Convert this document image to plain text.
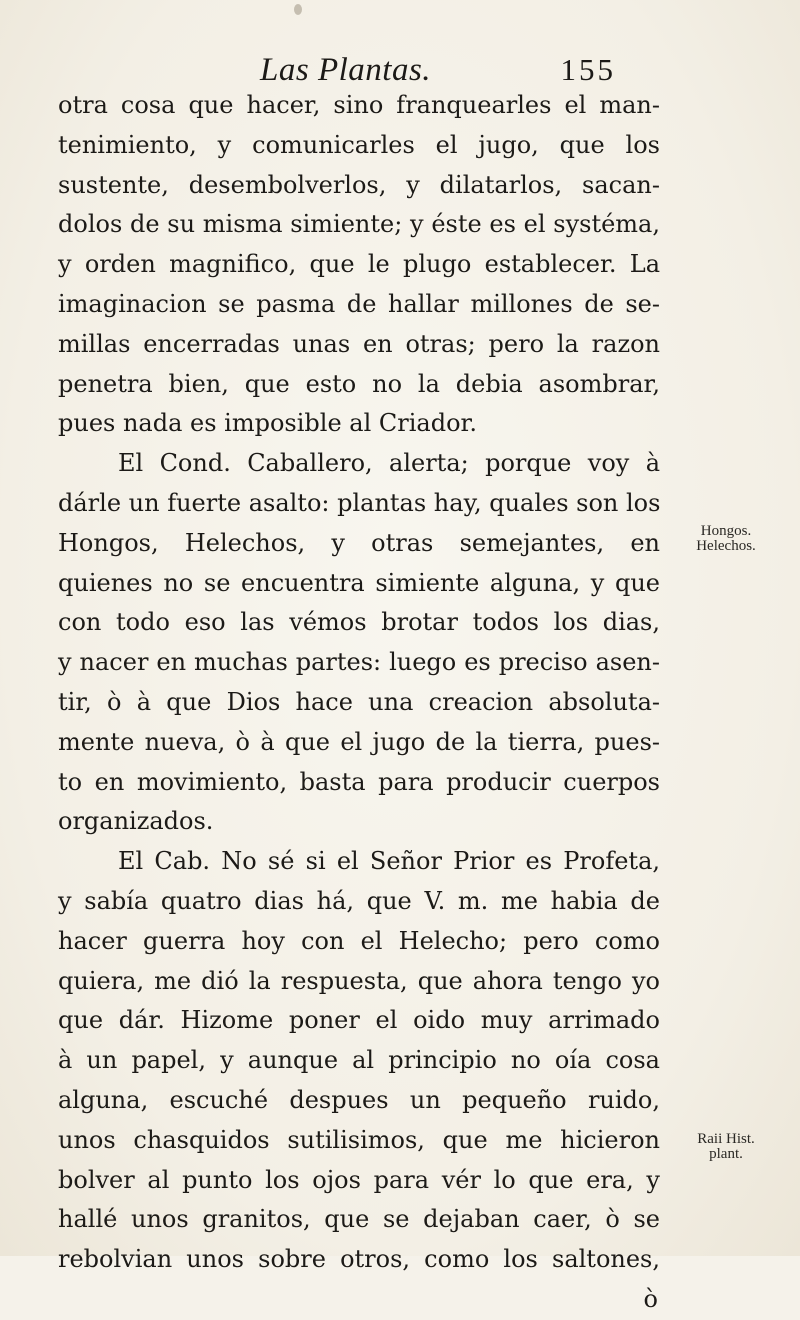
Las Plantas.	155
otra cosa que hacer, sino franquearles el man-
tenimiento, y comunicarles el jugo, que los
sustente, desembolverlos, y dilatarlos, sacan-
dolos de su misma simiente; y éste es el systéma,
y orden magnifico, que le plugo establecer. La
imaginacion se pasma de hallar millones de se-
millas encerradas unas en otras; pero la razon
penetra bien, que esto no la debia asombrar,
pues nada es imposible al Criador.
El Cond. Caballero, alerta; porque voy à
dárle un fuerte asalto: plantas hay, quales son los
Hongos, Helechos, y otras semejantes, en
quienes no se encuentra simiente alguna, y que
con todo eso las vémos brotar todos los dias,
y nacer en muchas partes: luego es preciso asen-
tir, ò à que Dios hace una creacion absoluta-
mente nueva, ò à que el jugo de la tierra, pues-
to en movimiento, basta para producir cuerpos
organizados.
El Cab. No sé si el Señor Prior es Profeta,
y sabía quatro dias há, que V. m. me habia de
hacer guerra hoy con el Helecho; pero como
quiera, me dió la respuesta, que ahora tengo yo
que dár. Hizome poner el oido muy arrimado
à un papel, y aunque al principio no oía cosa
alguna, escuché despues un pequeño ruido,
unos chasquidos sutilisimos, que me hicieron
bolver al punto los ojos para vér lo que era, y
hallé unos granitos, que se dejaban caer, ò se
rebolvian unos sobre otros, como los saltones,
ò
Hongos.
Helechos.
Raii Hist.
plant.
